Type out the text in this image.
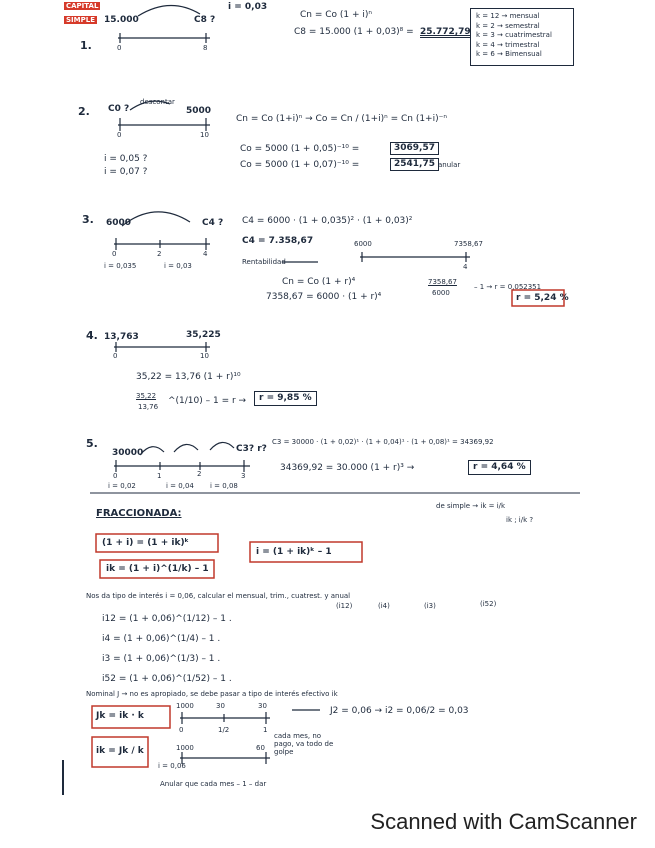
CAPITAL
SIMPLE
1.
15.000	C8 ?
i = 0,03
0	8
Cn = Co (1 + i)ⁿ
C8 = 15.000 (1 + 0,03)⁸ = 25.772,79
k = 12 → mensual
k = 2 → semestral
k = 3 → cuatrimestral
k = 4 → trimestral
k = 6 → Bimensual
2. C0 ?
descontar
5000
0	10
i = 0,05 ?
i = 0,07 ?
Cn = Co (1+i)ⁿ → Co = Cn / (1+i)ⁿ = Cn (1+i)⁻ⁿ
Co = 5000 (1 + 0,05)⁻¹⁰ =	3069,57
Co = 5000 (1 + 0,07)⁻¹⁰ =	2541,75 anular
3. 6000	C4 ?
0	2	4
i = 0,035	i = 0,03
C4 = 6000 · (1 + 0,035)² · (1 + 0,03)²
C4 = 7.358,67
Rentabilidad
6000	7358,67
4
Cn = Co (1 + r)⁴
7358,67 = 6000 · (1 + r)⁴
7358,67
6000
– 1 → r = 0,052351
r = 5,24 %
4. 13,763	35,225
0	10
35,22 = 13,76 (1 + r)¹⁰
35,22
13,76
^(1/10) – 1 = r →	r = 9,85 %
5.
30000	C3? r?
0	1	2	3
i = 0,02	i = 0,04 i = 0,08
C3 = 30000 · (1 + 0,02)¹ · (1 + 0,04)¹ · (1 + 0,08)¹ = 34369,92
34369,92 = 30.000 (1 + r)³ →	r = 4,64 %
FRACCIONADA:
de simple → ik = i/k
ik ; i/k ?
(1 + i) = (1 + ik)ᵏ
ik = (1 + i)^(1/k) – 1
i = (1 + ik)ᵏ – 1
Nos da tipo de interés i = 0,06, calcular el mensual, trim., cuatrest. y anual
(i12)	(i4)	(i3)	(i52)
i12 = (1 + 0,06)^(1/12) – 1 .
i4 = (1 + 0,06)^(1/4) – 1 .
i3 = (1 + 0,06)^(1/3) – 1 .
i52 = (1 + 0,06)^(1/52) – 1 .
Nominal J → no es apropiado, se debe pasar a tipo de interés efectivo ik
Jk = ik · k
ik = Jk / k
1000	30	30
0	1/2	1
J2 = 0,06 → i2 = 0,06/2 = 0,03
1000	60
i = 0,06
cada mes, no pago, va todo de golpe
Anular que cada mes – 1 – dar
Scanned with CamScanner
